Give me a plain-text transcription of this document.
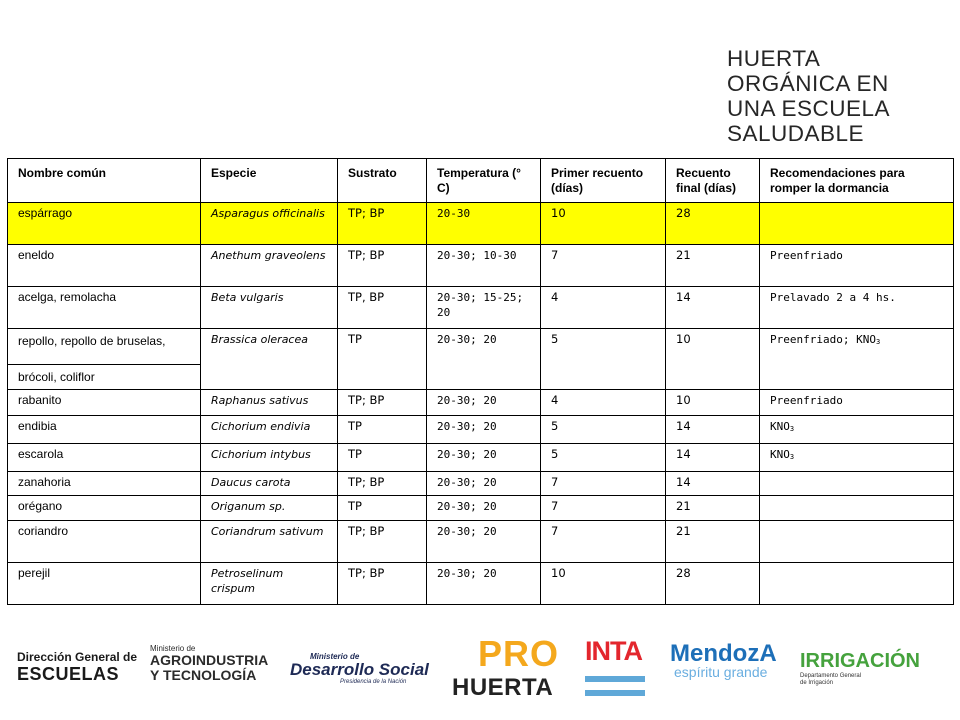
HUERTA
ORGÁNICA EN
UNA ESCUELA
SALUDABLE
Nombre común	Especie	Sustrato	Temperatura (° C)	Primer recuento (días)	Recuento final (días)	Recomendaciones para romper la dormancia
espárrago	Asparagus officinalis	TP; BP	20-30	10	28	
eneldo	Anethum graveolens	TP; BP	20-30; 10-30	7	21	Preenfriado
acelga, remolacha	Beta vulgaris	TP, BP	20-30; 15-25; 20	4	14	Prelavado 2 a 4 hs.
repollo, repollo de bruselas,	Brassica oleracea	TP	20-30; 20	5	10	Preenfriado; $KNO_3$
brócoli, coliflor						
rabanito	Raphanus sativus	TP; BP	20-30; 20	4	10	Preenfriado
endibia	Cichorium endivia	TP	20-30; 20	5	14	$KNO_3$
escarola	Cichorium intybus	TP	20-30; 20	5	14	$KNO_3$
zanahoria	Daucus carota	TP; BP	20-30; 20	7	14	
orégano	Origanum sp.	TP	20-30; 20	7	21	
coriandro	Coriandrum sativum	TP; BP	20-30; 20	7	21	
perejil	Petroselinum crispum	TP; BP	20-30; 20	10	28	
Dirección General de
ESCUELAS
Ministerio de
AGROINDUSTRIA
Y TECNOLOGÍA
Ministerio de
Desarrollo Social
Presidencia de la Nación
PRO
HUERTA
INTA MendozA
espíritu grande	IRRIGACIÓN
Departamento General
de Irrigación
